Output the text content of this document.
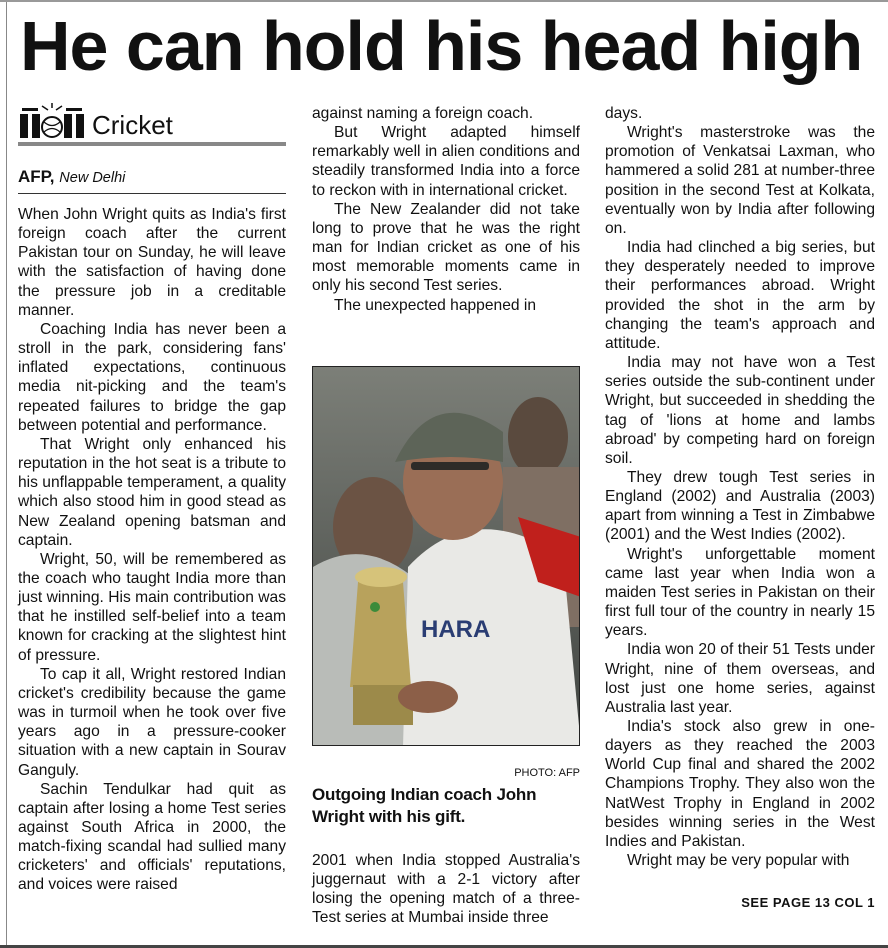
He can hold his head high
Cricket
AFP, New Delhi

When John Wright quits as India's first foreign coach after the current Pakistan tour on Sunday, he will leave with the satisfaction of having done the pressure job in a creditable manner.

Coaching India has never been a stroll in the park, considering fans' inflated expectations, continuous media nit-picking and the team's repeated failures to bridge the gap between potential and performance.

That Wright only enhanced his reputation in the hot seat is a tribute to his unflappable temperament, a quality which also stood him in good stead as New Zealand opening batsman and captain.

Wright, 50, will be remembered as the coach who taught India more than just winning. His main contribution was that he instilled self-belief into a team known for cracking at the slightest hint of pressure.

To cap it all, Wright restored Indian cricket's credibility because the game was in turmoil when he took over five years ago in a pressure-cooker situation with a new captain in Sourav Ganguly.

Sachin Tendulkar had quit as captain after losing a home Test series against South Africa in 2000, the match-fixing scandal had sullied many cricketers' and officials' reputations, and voices were raised

against naming a foreign coach.

But Wright adapted himself remarkably well in alien conditions and steadily transformed India into a force to reckon with in international cricket.

The New Zealander did not take long to prove that he was the right man for Indian cricket as one of his most memorable moments came in only his second Test series.

The unexpected happened in

HARA
PHOTO: AFP
Outgoing Indian coach John Wright with his gift.

2001 when India stopped Australia's juggernaut with a 2-1 victory after losing the opening match of a three-Test series at Mumbai inside three

days.

Wright's masterstroke was the promotion of Venkatsai Laxman, who hammered a solid 281 at number-three position in the second Test at Kolkata, eventually won by India after following on.

India had clinched a big series, but they desperately needed to improve their performances abroad. Wright provided the shot in the arm by changing the team's approach and attitude.

India may not have won a Test series outside the sub-continent under Wright, but succeeded in shedding the tag of 'lions at home and lambs abroad' by competing hard on foreign soil.

They drew tough Test series in England (2002) and Australia (2003) apart from winning a Test in Zimbabwe (2001) and the West Indies (2002).

Wright's unforgettable moment came last year when India won a maiden Test series in Pakistan on their first full tour of the country in nearly 15 years.

India won 20 of their 51 Tests under Wright, nine of them overseas, and lost just one home series, against Australia last year.

India's stock also grew in one-dayers as they reached the 2003 World Cup final and shared the 2002 Champions Trophy. They also won the NatWest Trophy in England in 2002 besides winning series in the West Indies and Pakistan.

Wright may be very popular with

SEE PAGE 13 COL 1
